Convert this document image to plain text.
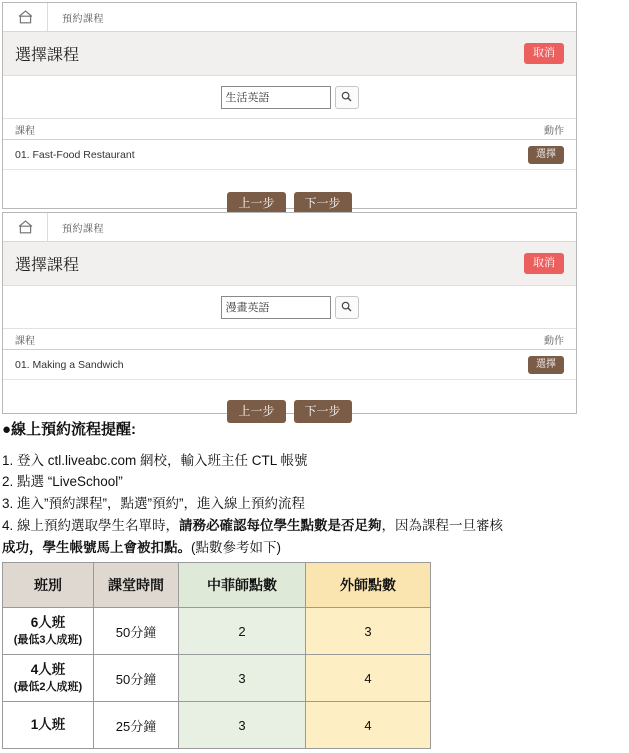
預約課程
選擇課程	取消
生活英語
課程	動作
01. Fast-Food Restaurant	選擇
上一步	下一步
預約課程
選擇課程	取消
漫畫英語
課程	動作
01. Making a Sandwich	選擇
上一步	下一步

●線上預約流程提醒:

1. 登入 ctl.liveabc.com 網校，輸入班主任 CTL 帳號

2. 點選 “LiveSchool”

3. 進入”預約課程”，點選”預約”，進入線上預約流程

4. 線上預約選取學生名單時，請務必確認每位學生點數是否足夠，因為課程一旦審核

成功，學生帳號馬上會被扣點。(點數參考如下)

班別	課堂時間	中菲師點數	外師點數

6人班
(最低3人成班)	50分鐘	2	3

4人班
(最低2人成班)	50分鐘	3	4

1人班	25分鐘	3	4
